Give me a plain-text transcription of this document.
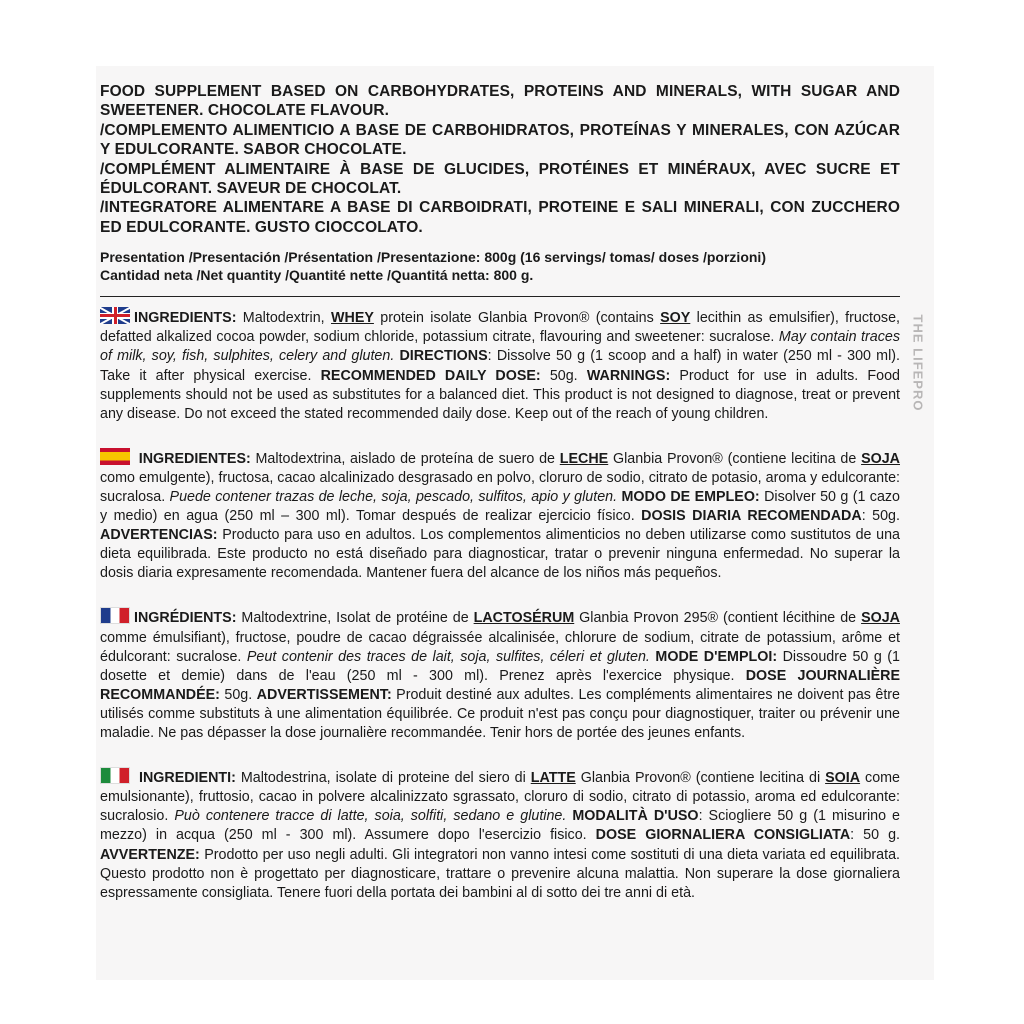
THE LIFEPRO

FOOD SUPPLEMENT BASED ON CARBOHYDRATES, PROTEINS AND MINERALS, WITH SUGAR AND SWEETENER. CHOCOLATE FLAVOUR.

/COMPLEMENTO ALIMENTICIO A BASE DE CARBOHIDRATOS, PROTEÍNAS Y MINERALES, CON AZÚCAR Y EDULCORANTE. SABOR CHOCOLATE.

/COMPLÉMENT ALIMENTAIRE À BASE DE GLUCIDES, PROTÉINES ET MINÉRAUX, AVEC SUCRE ET ÉDULCORANT. SAVEUR DE CHOCOLAT.

/INTEGRATORE ALIMENTARE A BASE DI CARBOIDRATI, PROTEINE E SALI MINERALI, CON ZUCCHERO ED EDULCORANTE. GUSTO CIOCCOLATO.

Presentation /Presentación /Présentation /Presentazione: 800g (16 servings/ tomas/ doses /porzioni)

Cantidad neta /Net quantity /Quantité nette /Quantitá netta: 800 g.

INGREDIENTS: Maltodextrin, WHEY protein isolate Glanbia Provon® (contains SOY lecithin as emulsifier), fructose, defatted alkalized cocoa powder, sodium chloride, potassium citrate, flavouring and sweetener: sucralose. May contain traces of milk, soy, fish, sulphites, celery and gluten. DIRECTIONS: Dissolve 50 g (1 scoop and a half) in water (250 ml - 300 ml). Take it after physical exercise. RECOMMENDED DAILY DOSE: 50g. WARNINGS: Product for use in adults. Food supplements should not be used as substitutes for a balanced diet. This product is not designed to diagnose, treat or prevent any disease. Do not exceed the stated recommended daily dose. Keep out of the reach of young children.

INGREDIENTES: Maltodextrina, aislado de proteína de suero de LECHE Glanbia Provon® (contiene lecitina de SOJA como emulgente), fructosa, cacao alcalinizado desgrasado en polvo, cloruro de sodio, citrato de potasio, aroma y edulcorante: sucralosa. Puede contener trazas de leche, soja, pescado, sulfitos, apio y gluten. MODO DE EMPLEO: Disolver 50 g (1 cazo y medio) en agua (250 ml – 300 ml). Tomar después de realizar ejercicio físico. DOSIS DIARIA RECOMENDADA: 50g. ADVERTENCIAS: Producto para uso en adultos. Los complementos alimenticios no deben utilizarse como sustitutos de una dieta equilibrada. Este producto no está diseñado para diagnosticar, tratar o prevenir ninguna enfermedad. No superar la dosis diaria expresamente recomendada. Mantener fuera del alcance de los niños más pequeños.

INGRÉDIENTS: Maltodextrine, Isolat de protéine de LACTOSÉRUM Glanbia Provon 295® (contient lécithine de SOJA comme émulsifiant), fructose, poudre de cacao dégraissée alcalinisée, chlorure de sodium, citrate de potassium, arôme et édulcorant: sucralose. Peut contenir des traces de lait, soja, sulfites, céleri et gluten. MODE D'EMPLOI: Dissoudre 50 g (1 dosette et demie) dans de l'eau (250 ml - 300 ml). Prenez après l'exercice physique. DOSE JOURNALIÈRE RECOMMANDÉE: 50g. ADVERTISSEMENT: Produit destiné aux adultes. Les compléments alimentaires ne doivent pas être utilisés comme substituts à une alimentation équilibrée. Ce produit n'est pas conçu pour diagnostiquer, traiter ou prévenir une maladie. Ne pas dépasser la dose journalière recommandée. Tenir hors de portée des jeunes enfants.

INGREDIENTI: Maltodestrina, isolate di proteine del siero di LATTE Glanbia Provon® (contiene lecitina di SOIA come emulsionante), fruttosio, cacao in polvere alcalinizzato sgrassato, cloruro di sodio, citrato di potassio, aroma ed edulcorante: sucralosio. Può contenere tracce di latte, soia, solfiti, sedano e glutine. MODALITÀ D'USO: Sciogliere 50 g (1 misurino e mezzo) in acqua (250 ml - 300 ml). Assumere dopo l'esercizio fisico. DOSE GIORNALIERA CONSIGLIATA: 50 g. AVVERTENZE: Prodotto per uso negli adulti. Gli integratori non vanno intesi come sostituti di una dieta variata ed equilibrata. Questo prodotto non è progettato per diagnosticare, trattare o prevenire alcuna malattia. Non superare la dose giornaliera espressamente consigliata. Tenere fuori della portata dei bambini al di sotto dei tre anni di età.
